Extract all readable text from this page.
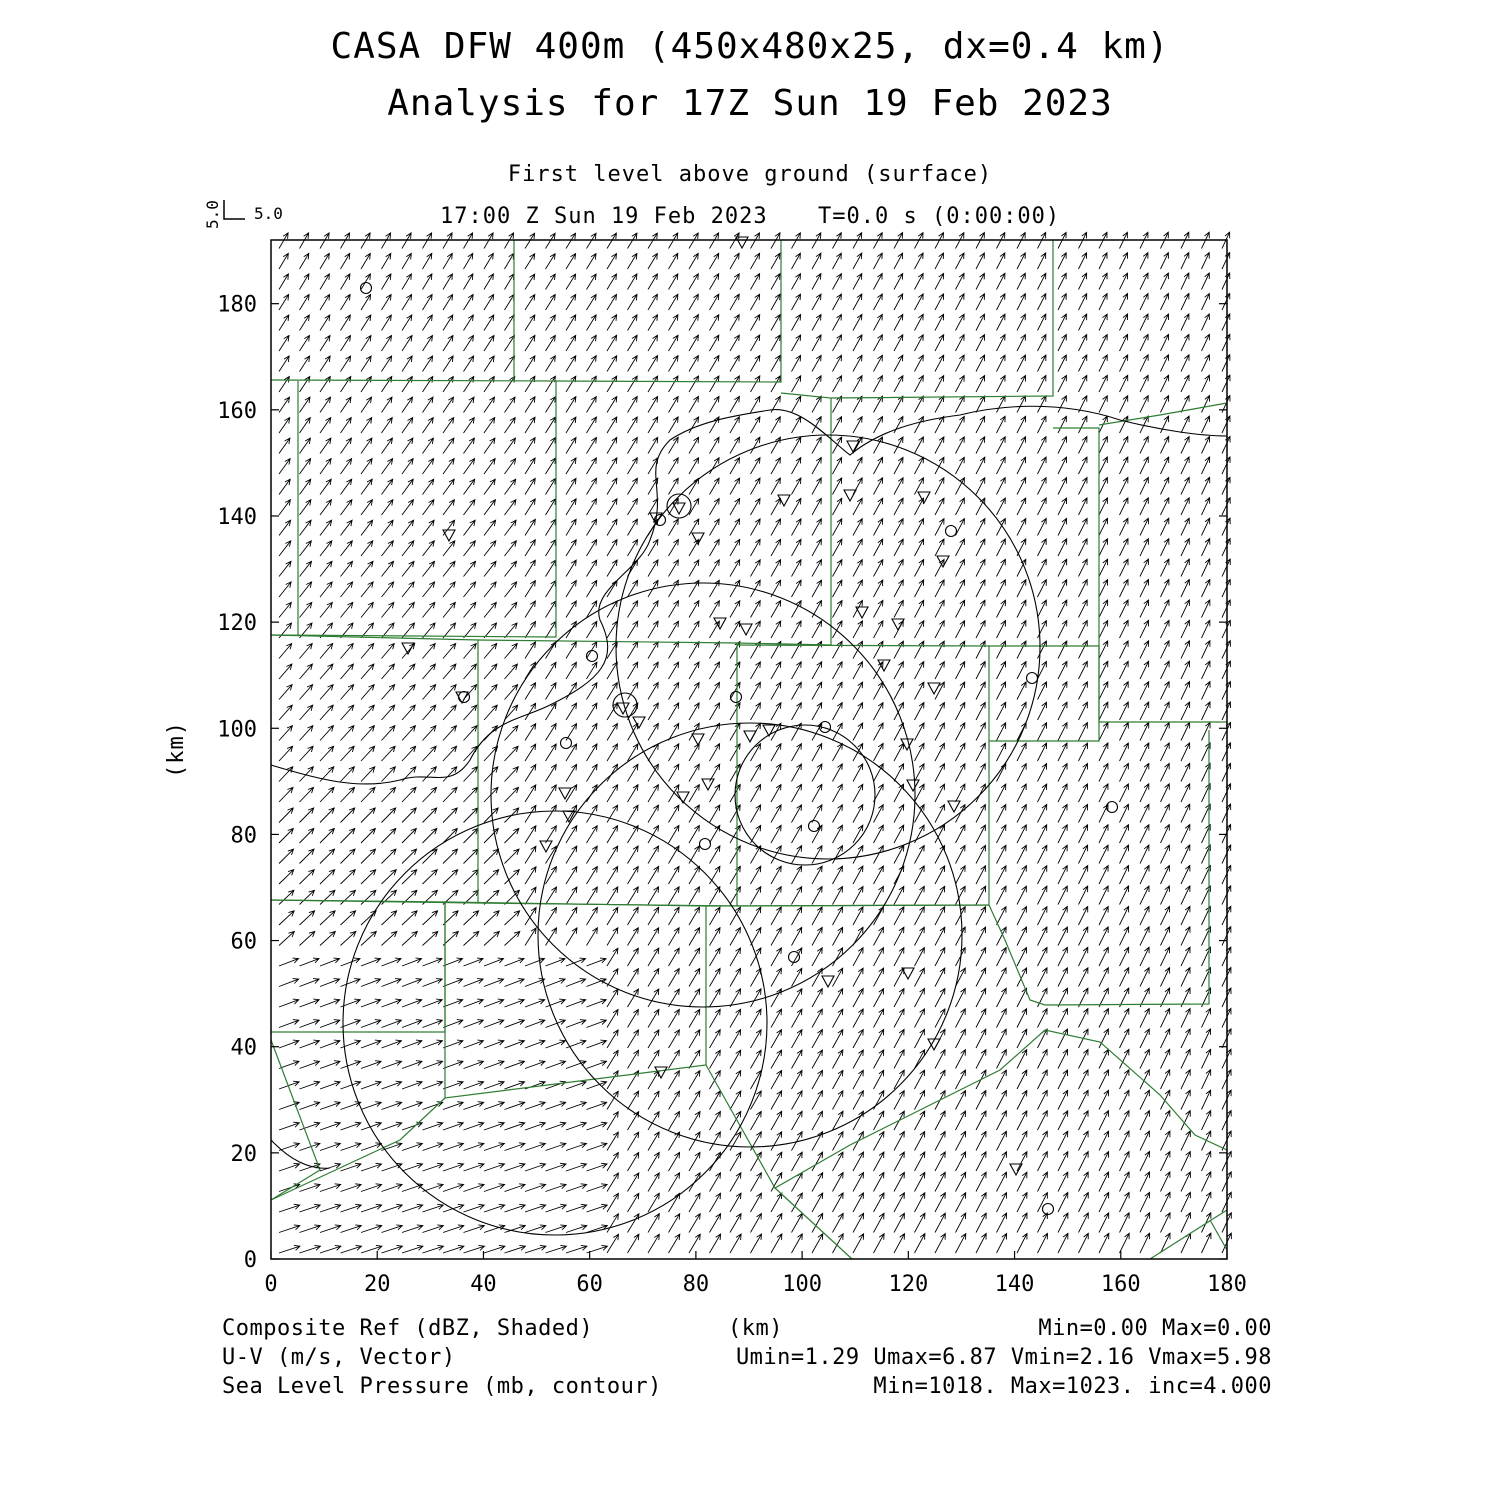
CASA DFW 400m (450x480x25, dx=0.4 km)
Analysis for 17Z Sun 19 Feb 2023
First level above ground (surface)
17:00 Z Sun 19 Feb 2023 T=0.0 s (0:00:00)
5.0
5.0
(km)
(km)
Composite Ref (dBZ, Shaded)	Min=0.00 Max=0.00
U-V (m/s, Vector)	Umin=1.29 Umax=6.87 Vmin=2.16 Vmax=5.98
Sea Level Pressure (mb, contour)	Min=1018. Max=1023. inc=4.000
0	20	40	60	80	100	120	140	160	180
0
20
40
60
80
100
120
140
160
180
